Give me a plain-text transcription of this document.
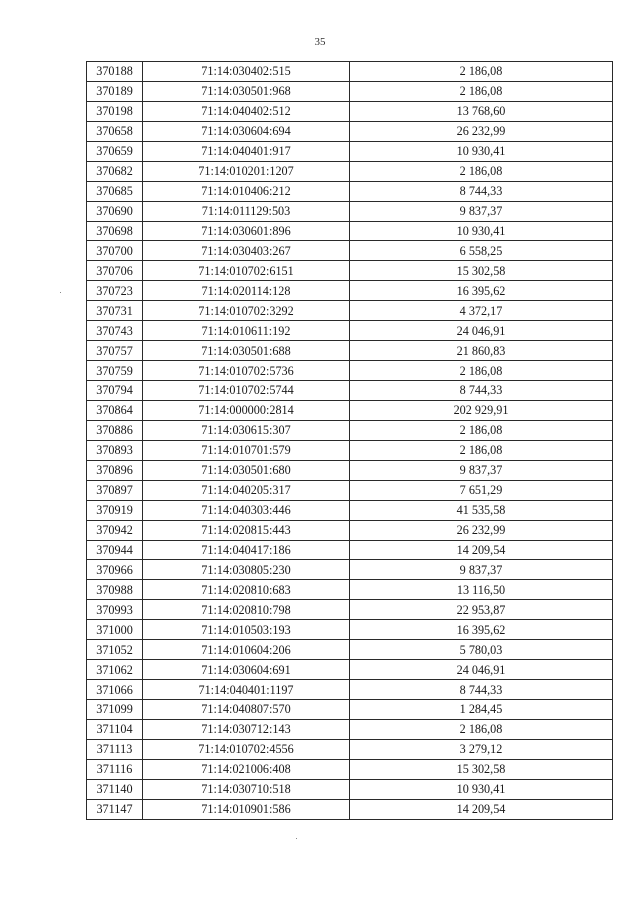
35
370188	71:14:030402:515	2 186,08
370189	71:14:030501:968	2 186,08
370198	71:14:040402:512	13 768,60
370658	71:14:030604:694	26 232,99
370659	71:14:040401:917	10 930,41
370682	71:14:010201:1207	2 186,08
370685	71:14:010406:212	8 744,33
370690	71:14:011129:503	9 837,37
370698	71:14:030601:896	10 930,41
370700	71:14:030403:267	6 558,25
370706	71:14:010702:6151	15 302,58
370723	71:14:020114:128	16 395,62
370731	71:14:010702:3292	4 372,17
370743	71:14:010611:192	24 046,91
370757	71:14:030501:688	21 860,83
370759	71:14:010702:5736	2 186,08
370794	71:14:010702:5744	8 744,33
370864	71:14:000000:2814	202 929,91
370886	71:14:030615:307	2 186,08
370893	71:14:010701:579	2 186,08
370896	71:14:030501:680	9 837,37
370897	71:14:040205:317	7 651,29
370919	71:14:040303:446	41 535,58
370942	71:14:020815:443	26 232,99
370944	71:14:040417:186	14 209,54
370966	71:14:030805:230	9 837,37
370988	71:14:020810:683	13 116,50
370993	71:14:020810:798	22 953,87
371000	71:14:010503:193	16 395,62
371052	71:14:010604:206	5 780,03
371062	71:14:030604:691	24 046,91
371066	71:14:040401:1197	8 744,33
371099	71:14:040807:570	1 284,45
371104	71:14:030712:143	2 186,08
371113	71:14:010702:4556	3 279,12
371116	71:14:021006:408	15 302,58
371140	71:14:030710:518	10 930,41
371147	71:14:010901:586	14 209,54
